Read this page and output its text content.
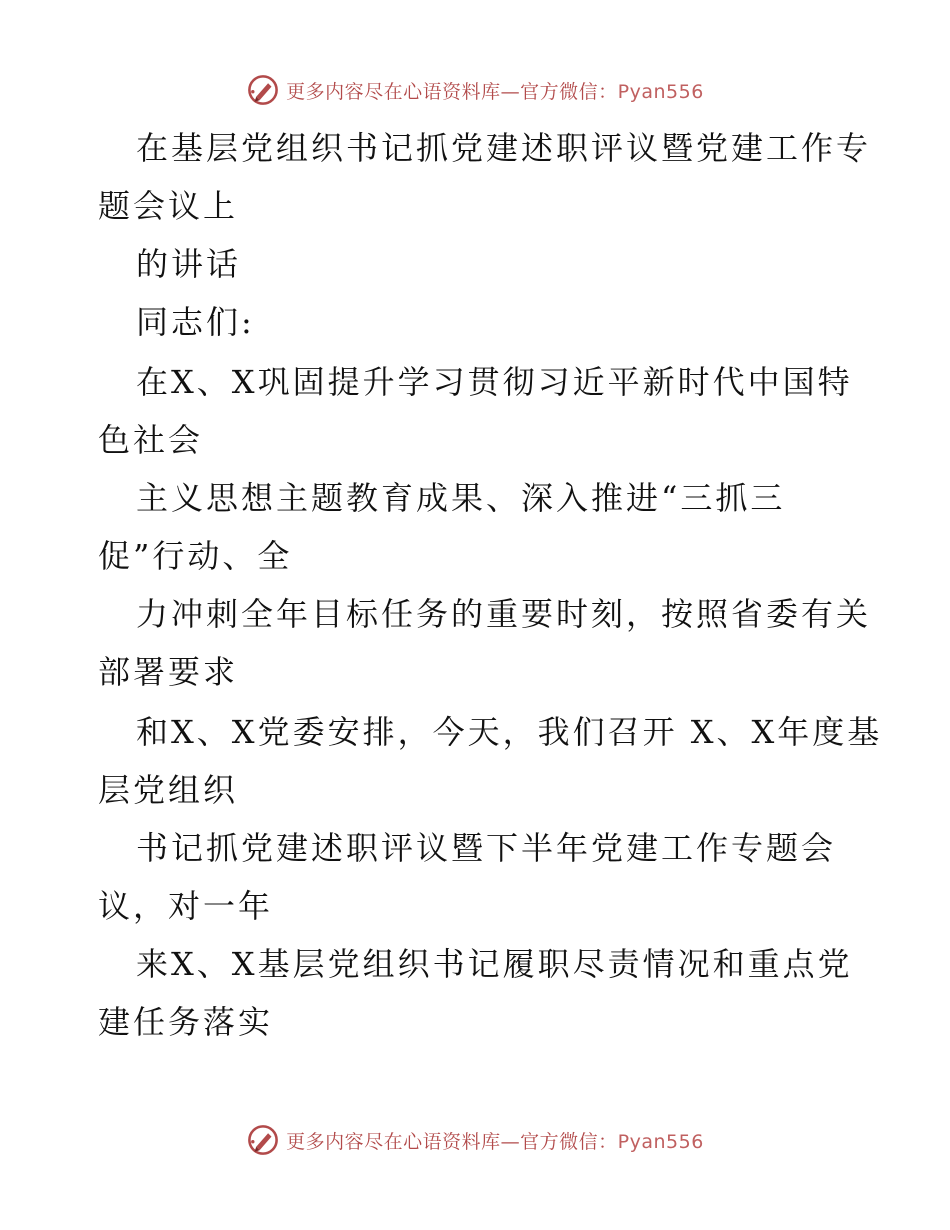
更多内容尽在心语资料库—官方微信：Pyan556
在基层党组织书记抓党建述职评议暨党建工作专
题会议上
的讲话
同志们:
在X、X巩固提升学习贯彻习近平新时代中国特
色社会
主义思想主题教育成果、深入推进“三抓三
促”行动、全
力冲刺全年目标任务的重要时刻，按照省委有关
部署要求
和X、X党委安排，今天，我们召开 X、X年度基
层党组织
书记抓党建述职评议暨下半年党建工作专题会
议，对一年
来X、X基层党组织书记履职尽责情况和重点党
建任务落实
更多内容尽在心语资料库—官方微信：Pyan556
